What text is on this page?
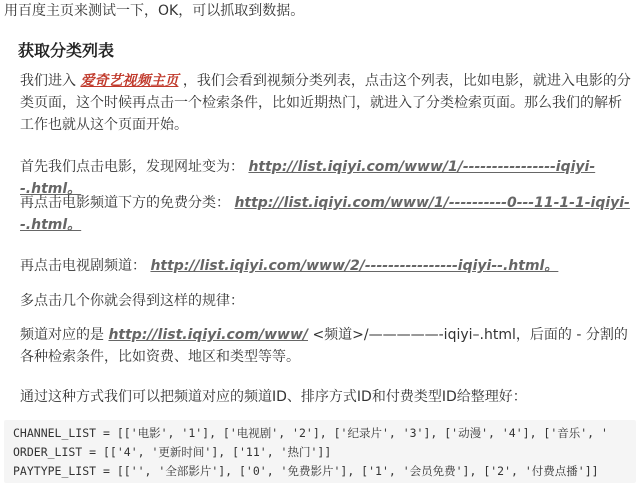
用百度主页来测试一下，OK，可以抓取到数据。

获取分类列表

我们进入 爱奇艺视频主页 ，我们会看到视频分类列表，点击这个列表，比如电影，就进入电影的分类页面，这个时候再点击一个检索条件，比如近期热门，就进入了分类检索页面。那么我们的解析工作也就从这个页面开始。

首先我们点击电影，发现网址变为： http://list.iqiyi.com/www/1/----------------iqiyi--.html。

再点击电影频道下方的免费分类： http://list.iqiyi.com/www/1/----------0---11-1-1-iqiyi--.html。

再点击电视剧频道： http://list.iqiyi.com/www/2/----------------iqiyi--.html。

多点击几个你就会得到这样的规律：

频道对应的是 http://list.iqiyi.com/www/ <频道>/—————-iqiyi–.html，后面的 - 分割的各种检索条件，比如资费、地区和类型等等。

通过这种方式我们可以把频道对应的频道ID、排序方式ID和付费类型ID给整理好：

CHANNEL_LIST = [['电影', '1'], ['电视剧', '2'], ['纪录片', '3'], ['动漫', '4'], ['音乐', '
ORDER_LIST = [['4', '更新时间'], ['11', '热门']]
PAYTYPE_LIST = [['', '全部影片'], ['0', '免费影片'], ['1', '会员免费'], ['2', '付费点播']]
